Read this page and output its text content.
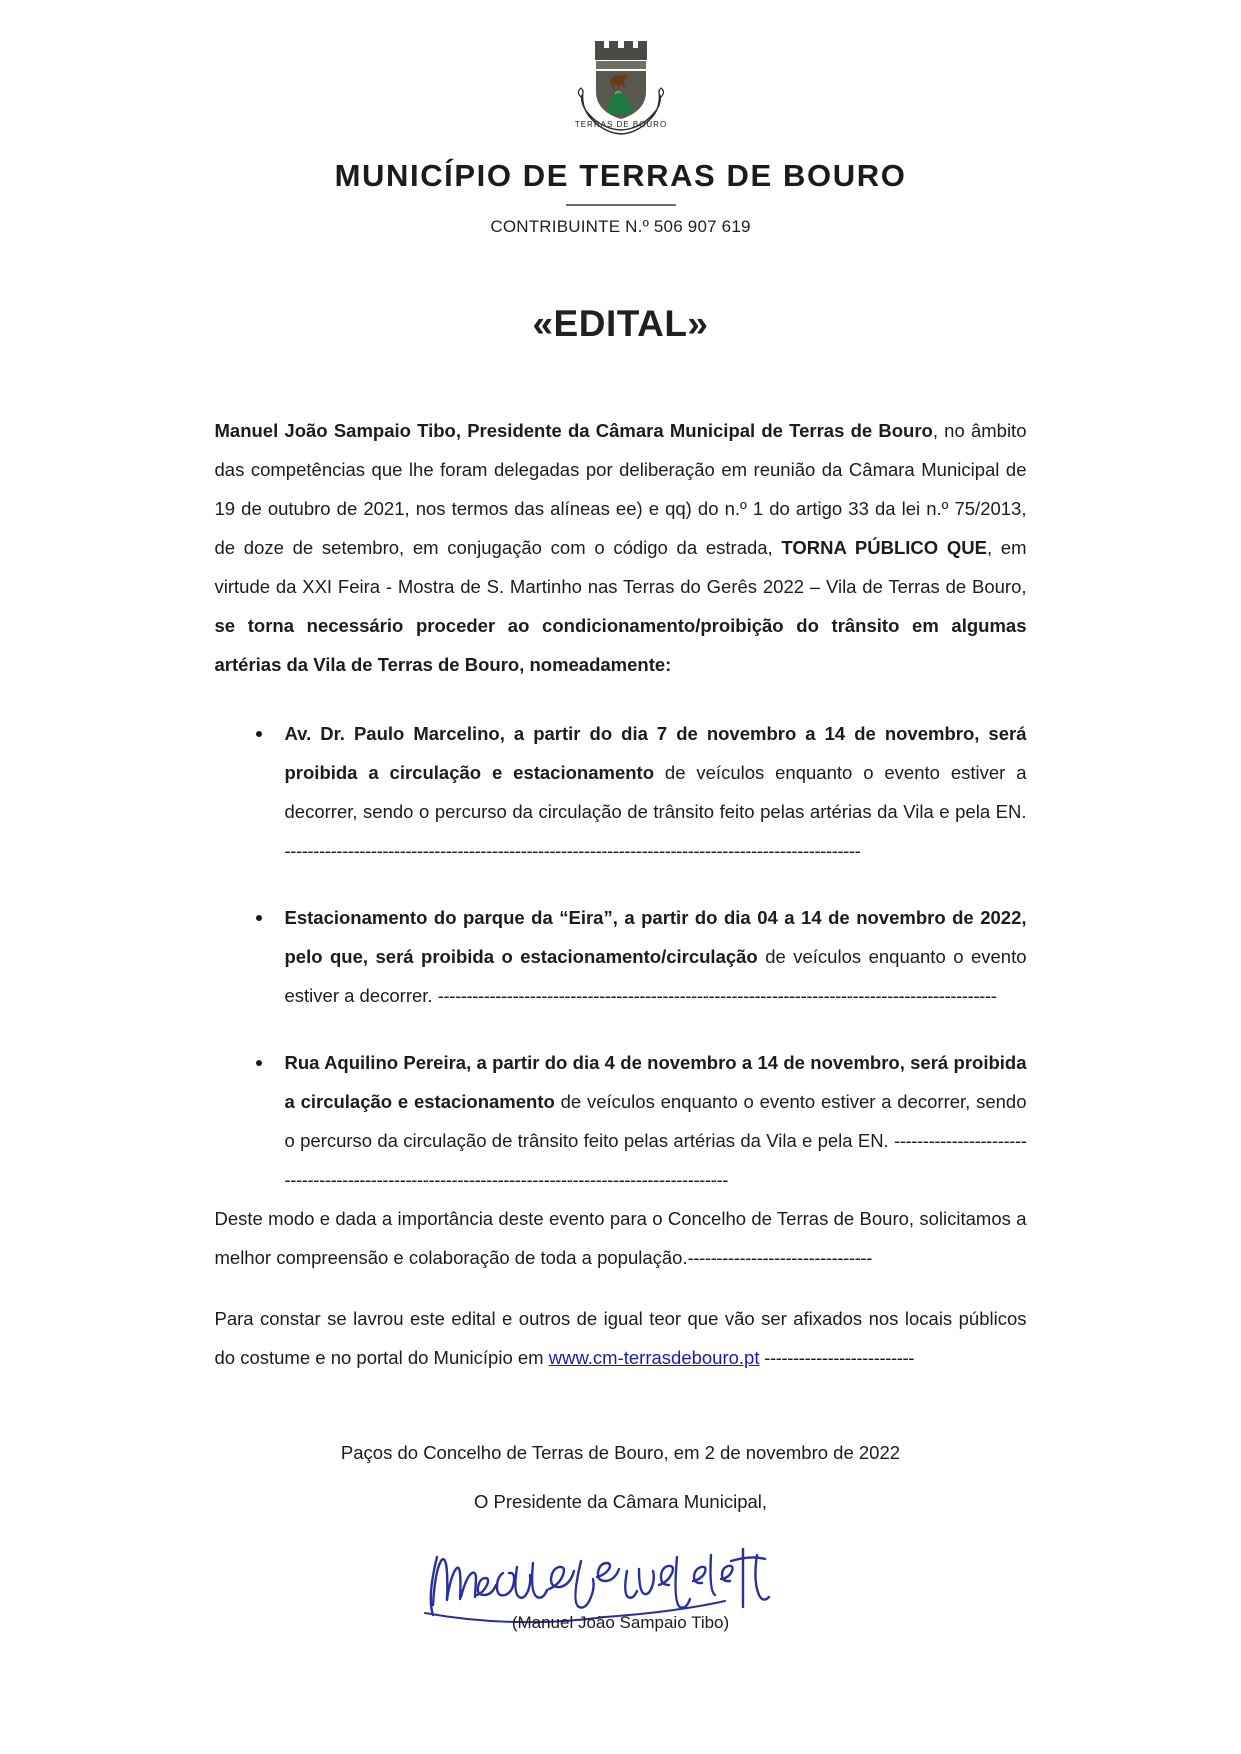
TERRAS DE BOURO
MUNICÍPIO DE TERRAS DE BOURO
CONTRIBUINTE N.º 506 907 619
«EDITAL»

Manuel João Sampaio Tibo, Presidente da Câmara Municipal de Terras de Bouro, no âmbito das competências que lhe foram delegadas por deliberação em reunião da Câmara Municipal de 19 de outubro de 2021, nos termos das alíneas ee) e qq) do n.º 1 do artigo 33 da lei n.º 75/2013, de doze de setembro, em conjugação com o código da estrada, TORNA PÚBLICO QUE, em virtude da XXI Feira - Mostra de S. Martinho nas Terras do Gerês 2022 – Vila de Terras de Bouro, se torna necessário proceder ao condicionamento/proibição do trânsito em algumas artérias da Vila de Terras de Bouro, nomeadamente:

Av. Dr. Paulo Marcelino, a partir do dia 7 de novembro a 14 de novembro, será proibida a circulação e estacionamento de veículos enquanto o evento estiver a decorrer, sendo o percurso da circulação de trânsito feito pelas artérias da Vila e pela EN. ----------------------------------------------------------------------------------------------------
Estacionamento do parque da “Eira”, a partir do dia 04 a 14 de novembro de 2022, pelo que, será proibida o estacionamento/circulação de veículos enquanto o evento estiver a decorrer. -------------------------------------------------------------------------------------------------
Rua Aquilino Pereira, a partir do dia 4 de novembro a 14 de novembro, será proibida a circulação e estacionamento de veículos enquanto o evento estiver a decorrer, sendo o percurso da circulação de trânsito feito pelas artérias da Vila e pela EN. ----------------------------------------------------------------------------------------------------

Deste modo e dada a importância deste evento para o Concelho de Terras de Bouro, solicitamos a melhor compreensão e colaboração de toda a população.--------------------------------

Para constar se lavrou este edital e outros de igual teor que vão ser afixados nos locais públicos do costume e no portal do Município em www.cm-terrasdebouro.pt --------------------------

Paços do Concelho de Terras de Bouro, em 2 de novembro de 2022
O Presidente da Câmara Municipal,
(Manuel João Sampaio Tibo)
